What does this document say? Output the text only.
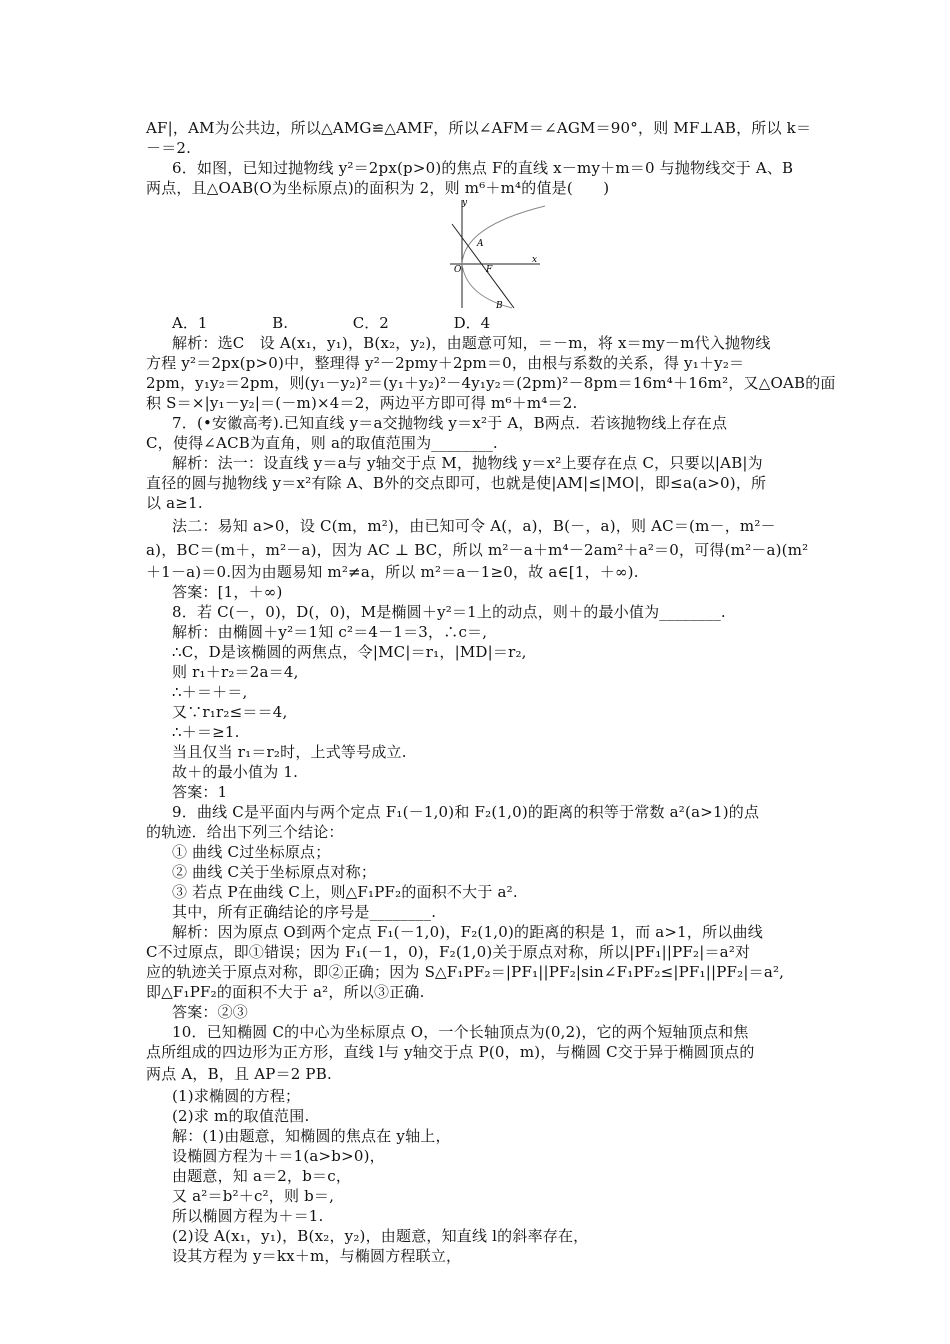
AF|，AM为公共边，所以△AMG≌△AMF，所以∠AFM＝∠AGM＝90°，则 MF⊥AB，所以 k＝
－＝2.
6．如图，已知过抛物线 y²＝2px(p>0)的焦点 F的直线 x－my＋m＝0 与抛物线交于 A、B
两点，且△OAB(O为坐标原点)的面积为 2，则 m⁶＋m⁴的值是(　　)
y
x
O
A
F
B
A．1	B.	C．2	D．4
解析：选C　设 A(x₁，y₁)，B(x₂，y₂)，由题意可知，＝－m，将 x＝my－m代入抛物线
方程 y²＝2px(p>0)中，整理得 y²－2pmy＋2pm＝0，由根与系数的关系，得 y₁＋y₂＝
2pm，y₁y₂＝2pm，则(y₁－y₂)²＝(y₁＋y₂)²－4y₁y₂＝(2pm)²－8pm＝16m⁴＋16m²，又△OAB的面
积 S＝×|y₁－y₂|＝(－m)×4＝2，两边平方即可得 m⁶＋m⁴＝2.
7．(•安徽高考).已知直线 y＝a交抛物线 y＝x²于 A，B两点．若该抛物线上存在点
C，使得∠ACB为直角，则 a的取值范围为________.
解析：法一：设直线 y＝a与 y轴交于点 M，抛物线 y＝x²上要存在点 C，只要以|AB|为
直径的圆与抛物线 y＝x²有除 A、B外的交点即可，也就是使|AM|≤|MO|，即≤a(a>0)，所
以 a≥1.
法二：易知 a>0，设 C(m，m²)，由已知可令 A(，a)，B(－，a)，则 AC＝(m－，m²－
a)，BC＝(m＋，m²－a)，因为 AC ⊥ BC，所以 m²－a＋m⁴－2am²＋a²＝0，可得(m²－a)(m²
＋1－a)＝0.因为由题易知 m²≠a，所以 m²＝a－1≥0，故 a∈[1，＋∞).
答案：[1，＋∞)
8．若 C(－，0)，D(，0)，M是椭圆＋y²＝1上的动点，则＋的最小值为________.
解析：由椭圆＋y²＝1知 c²＝4－1＝3，∴c＝,
∴C，D是该椭圆的两焦点，令|MC|＝r₁，|MD|＝r₂,
则 r₁＋r₂＝2a＝4,
∴＋＝＋＝,
又∵r₁r₂≤＝＝4,
∴＋＝≥1.
当且仅当 r₁＝r₂时，上式等号成立.
故＋的最小值为 1.
答案：1
9．曲线 C是平面内与两个定点 F₁(－1,0)和 F₂(1,0)的距离的积等于常数 a²(a>1)的点
的轨迹．给出下列三个结论：
① 曲线 C过坐标原点；
② 曲线 C关于坐标原点对称；
③ 若点 P在曲线 C上，则△F₁PF₂的面积不大于 a².
其中，所有正确结论的序号是________.
解析：因为原点 O到两个定点 F₁(－1,0)，F₂(1,0)的距离的积是 1，而 a>1，所以曲线
C不过原点，即①错误；因为 F₁(－1，0)，F₂(1,0)关于原点对称，所以|PF₁||PF₂|＝a²对
应的轨迹关于原点对称，即②正确；因为 S△F₁PF₂＝|PF₁||PF₂|sin∠F₁PF₂≤|PF₁||PF₂|＝a²,
即△F₁PF₂的面积不大于 a²，所以③正确.
答案：②③
10．已知椭圆 C的中心为坐标原点 O，一个长轴顶点为(0,2)，它的两个短轴顶点和焦
点所组成的四边形为正方形，直线 l与 y轴交于点 P(0，m)，与椭圆 C交于异于椭圆顶点的
两点 A，B，且 AP＝2 PB.
(1)求椭圆的方程；
(2)求 m的取值范围.
解：(1)由题意，知椭圆的焦点在 y轴上，
设椭圆方程为＋＝1(a>b>0)，
由题意，知 a＝2，b＝c，
又 a²＝b²＋c²，则 b＝,
所以椭圆方程为＋＝1.
(2)设 A(x₁，y₁)，B(x₂，y₂)，由题意，知直线 l的斜率存在，
设其方程为 y＝kx＋m，与椭圆方程联立，
